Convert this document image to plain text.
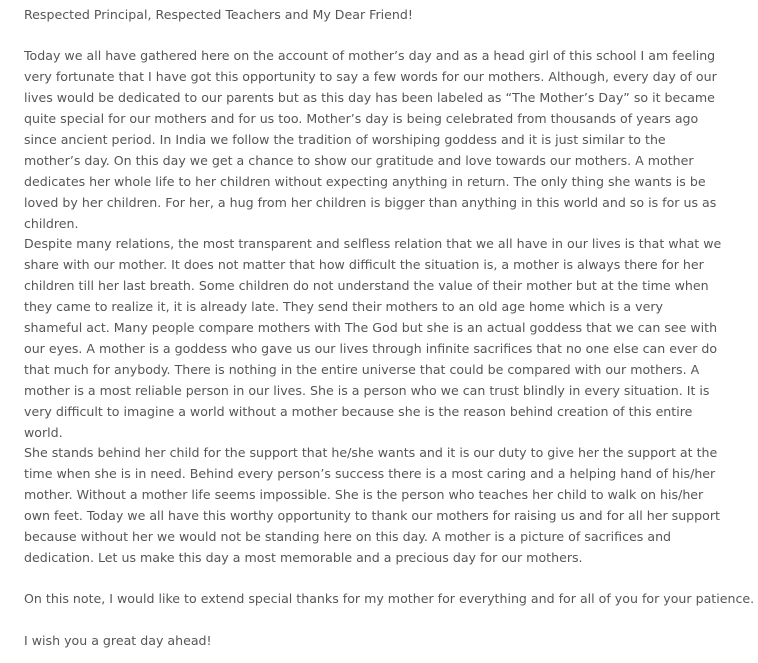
Respected Principal, Respected Teachers and My Dear Friend!

Today we all have gathered here on the account of mother’s day and as a head girl of this school I am feeling very fortunate that I have got this opportunity to say a few words for our mothers. Although, every day of our lives would be dedicated to our parents but as this day has been labeled as “The Mother’s Day” so it became quite special for our mothers and for us too. Mother’s day is being celebrated from thousands of years ago since ancient period. In India we follow the tradition of worshiping goddess and it is just similar to the mother’s day. On this day we get a chance to show our gratitude and love towards our mothers. A mother dedicates her whole life to her children without expecting anything in return. The only thing she wants is be loved by her children. For her, a hug from her children is bigger than anything in this world and so is for us as children.

Despite many relations, the most transparent and selfless relation that we all have in our lives is that what we share with our mother. It does not matter that how difficult the situation is, a mother is always there for her children till her last breath. Some children do not understand the value of their mother but at the time when they came to realize it, it is already late. They send their mothers to an old age home which is a very shameful act. Many people compare mothers with The God but she is an actual goddess that we can see with our eyes. A mother is a goddess who gave us our lives through infinite sacrifices that no one else can ever do that much for anybody. There is nothing in the entire universe that could be compared with our mothers. A mother is a most reliable person in our lives. She is a person who we can trust blindly in every situation. It is very difficult to imagine a world without a mother because she is the reason behind creation of this entire world.

She stands behind her child for the support that he/she wants and it is our duty to give her the support at the time when she is in need. Behind every person’s success there is a most caring and a helping hand of his/her mother. Without a mother life seems impossible. She is the person who teaches her child to walk on his/her own feet. Today we all have this worthy opportunity to thank our mothers for raising us and for all her support because without her we would not be standing here on this day. A mother is a picture of sacrifices and dedication. Let us make this day a most memorable and a precious day for our mothers.

On this note, I would like to extend special thanks for my mother for everything and for all of you for your patience.

I wish you a great day ahead!
